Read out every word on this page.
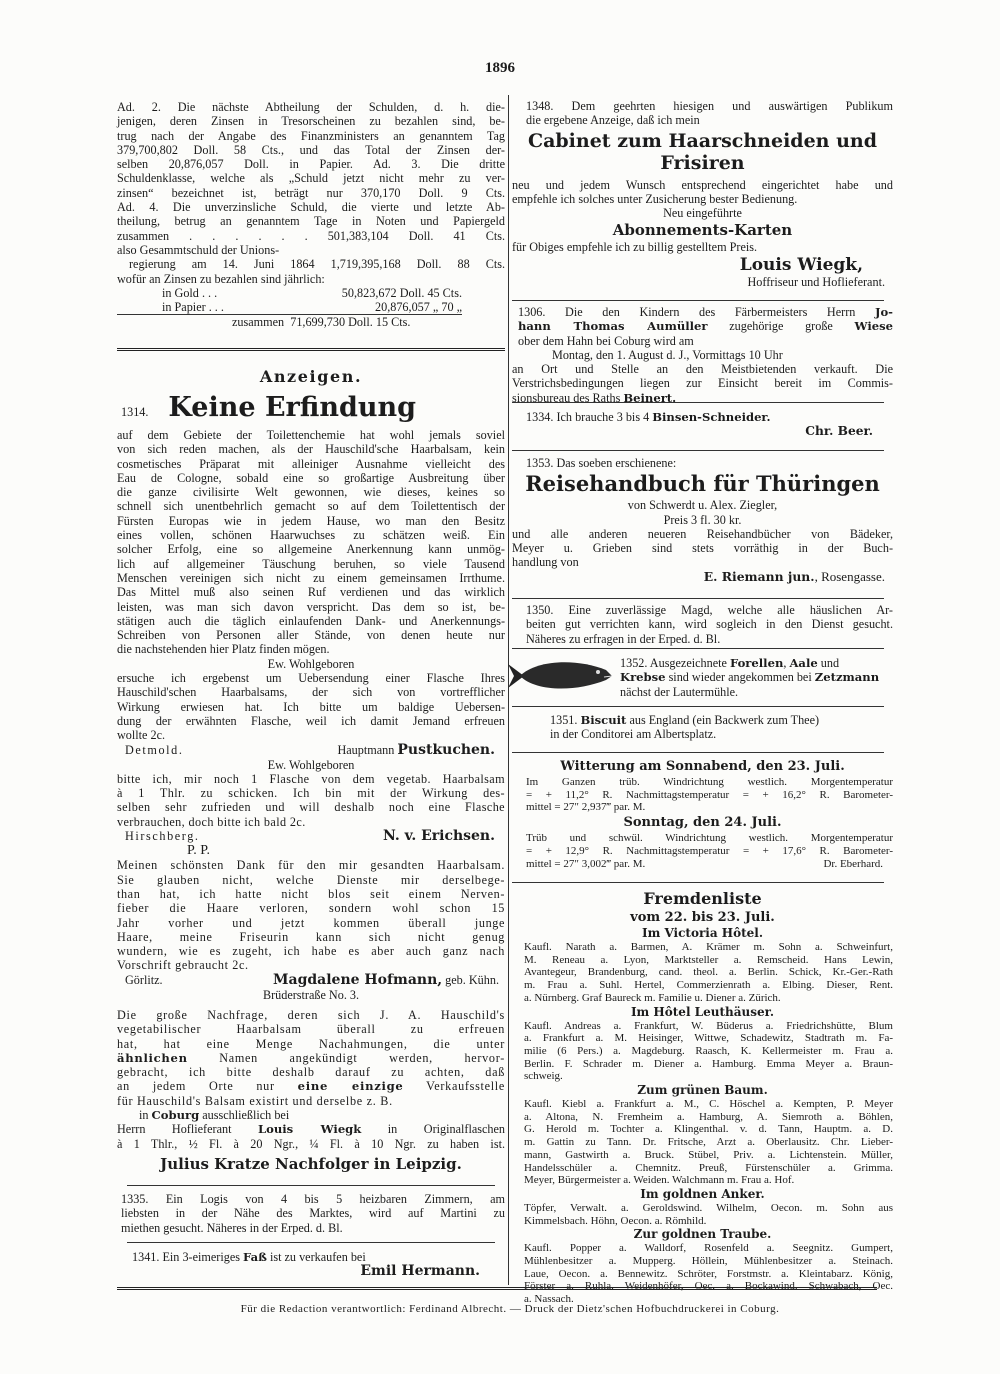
1896
Ad. 2. Die nächste Abtheilung der Schulden, d. h. die-
jenigen, deren Zinsen in Tresorscheinen zu bezahlen sind, be-
trug nach der Angabe des Finanzministers an genanntem Tag
379,700,802 Doll. 58 Cts., und das Total der Zinsen der-
selben 20,876,057 Doll. in Papier. Ad. 3. Die dritte
Schuldenklasse, welche als „Schuld jetzt nicht mehr zu ver-
zinsen“ bezeichnet ist, beträgt nur 370,170 Doll. 9 Cts.
Ad. 4. Die unverzinsliche Schuld, die vierte und letzte Ab-
theilung, betrug an genanntem Tage in Noten und Papiergeld
zusammen . . . . . . 501,383,104 Doll. 41 Cts.
also Gesammtschuld der Unions-
regierung am 14. Juni 1864 1,719,395,168 Doll. 88 Cts.
wofür an Zinsen zu bezahlen sind jährlich:
in Gold . . .	50,823,672 Doll. 45 Cts.
in Papier . . .	20,876,057 „ 70 „
zusammen 71,699,730 Doll. 15 Cts.
Anzeigen.
1314. Keine Erfindung
auf dem Gebiete der Toilettenchemie hat wohl jemals soviel
von sich reden machen, als der Hauschild'sche Haarbalsam, kein
cosmetisches Präparat mit alleiniger Ausnahme vielleicht des
Eau de Cologne, sobald eine so großartige Ausbreitung über
die ganze civilisirte Welt gewonnen, wie dieses, keines so
schnell sich unentbehrlich gemacht so auf dem Toilettentisch der
Fürsten Europas wie in jedem Hause, wo man den Besitz
eines vollen, schönen Haarwuchses zu schätzen weiß. Ein
solcher Erfolg, eine so allgemeine Anerkennung kann unmög-
lich auf allgemeiner Täuschung beruhen, so viele Tausend
Menschen vereinigen sich nicht zu einem gemeinsamen Irrthume.
Das Mittel muß also seinen Ruf verdienen und das wirklich
leisten, was man sich davon verspricht. Das dem so ist, be-
stätigen auch die täglich einlaufenden Dank- und Anerkennungs-
Schreiben von Personen aller Stände, von denen heute nur
die nachstehenden hier Platz finden mögen.
Ew. Wohlgeboren
ersuche ich ergebenst um Uebersendung einer Flasche Ihres
Hauschild'schen Haarbalsams, der sich von vortrefflicher
Wirkung erwiesen hat. Ich bitte um baldige Uebersen-
dung der erwähnten Flasche, weil ich damit Jemand erfreuen
wollte 2c.
Detmold.	Hauptmann Pustkuchen.
Ew. Wohlgeboren
bitte ich, mir noch 1 Flasche von dem vegetab. Haarbalsam
à 1 Thlr. zu schicken. Ich bin mit der Wirkung des-
selben sehr zufrieden und will deshalb noch eine Flasche
verbrauchen, doch bitte ich bald 2c.
Hirschberg.	N. v. Erichsen.
P. P.
Meinen schönsten Dank für den mir gesandten Haarbalsam.
Sie glauben nicht, welche Dienste mir derselbege-
than hat, ich hatte nicht blos seit einem Nerven-
fieber die Haare verloren, sondern wohl schon 15
Jahr vorher und jetzt kommen überall junge
Haare, meine Friseurin kann sich nicht genug
wundern, wie es zugeht, ich habe es aber auch ganz nach
Vorschrift gebraucht 2c.
Görlitz.	Magdalene Hofmann, geb. Kühn.
Brüderstraße No. 3.
Die große Nachfrage, deren sich J. A. Hauschild's
vegetabilischer Haarbalsam überall zu erfreuen
hat, hat eine Menge Nachahmungen, die unter
ähnlichen Namen angekündigt werden, hervor-
gebracht, ich bitte deshalb darauf zu achten, daß
an jedem Orte nur eine einzige Verkaufsstelle
für Hauschild's Balsam existirt und derselbe z. B.
in Coburg ausschließlich bei
Herrn Hoflieferant Louis Wiegk in Originalflaschen
à 1 Thlr., ½ Fl. à 20 Ngr., ¼ Fl. à 10 Ngr. zu haben ist.
Julius Kratze Nachfolger in Leipzig.
1335. Ein Logis von 4 bis 5 heizbaren Zimmern, am
liebsten in der Nähe des Marktes, wird auf Martini zu
miethen gesucht. Näheres in der Erped. d. Bl.
1341. Ein 3-eimeriges Faß ist zu verkaufen bei
Emil Hermann.
1348. Dem geehrten hiesigen und auswärtigen Publikum
die ergebene Anzeige, daß ich mein
Cabinet zum Haarschneiden und
Frisiren
neu und jedem Wunsch entsprechend eingerichtet habe und
empfehle ich solches unter Zusicherung bester Bedienung.
Neu eingeführte
Abonnements-Karten
für Obiges empfehle ich zu billig gestelltem Preis.
Louis Wiegk,
Hoffriseur und Hoflieferant.
1306. Die den Kindern des Färbermeisters Herrn Jo-
hann Thomas Aumüller zugehörige große Wiese
ober dem Hahn bei Coburg wird am
Montag, den 1. August d. J., Vormittags 10 Uhr
an Ort und Stelle an den Meistbietenden verkauft. Die
Verstrichsbedingungen liegen zur Einsicht bereit im Commis-
sionsbureau des Raths Beinert.
1334. Ich brauche 3 bis 4 Binsen-Schneider.
Chr. Beer.
1353. Das soeben erschienene:
Reisehandbuch für Thüringen
von Schwerdt u. Alex. Ziegler,
Preis 3 fl. 30 kr.
und alle anderen neueren Reisehandbücher von Bädeker,
Meyer u. Grieben sind stets vorräthig in der Buch-
handlung von
E. Riemann jun., Rosengasse.
1350. Eine zuverlässige Magd, welche alle häuslichen Ar-
beiten gut verrichten kann, wird sogleich in den Dienst gesucht.
Näheres zu erfragen in der Erped. d. Bl.
1352. Ausgezeichnete Forellen, Aale und
Krebse sind wieder angekommen bei Zetzmann
nächst der Lautermühle.
1351. Biscuit aus England (ein Backwerk zum Thee)
in der Conditorei am Albertsplatz.
Witterung am Sonnabend, den 23. Juli.
Im Ganzen trüb. Windrichtung westlich. Morgentemperatur
= + 11,2° R. Nachmittagstemperatur = + 16,2° R. Barometer-
mittel = 27″ 2,937‴ par. M.
Sonntag, den 24. Juli.
Trüb und schwül. Windrichtung westlich. Morgentemperatur
= + 12,9° R. Nachmittagstemperatur = + 17,6° R. Barometer-
mittel = 27″ 3,002‴ par. M.	Dr. Eberhard.
Fremdenliste
vom 22. bis 23. Juli.
Im Victoria Hôtel.
Kaufl. Narath a. Barmen, A. Krämer m. Sohn a. Schweinfurt,
M. Reneau a. Lyon, Marktsteller a. Remscheid. Hans Lewin,
Avantegeur, Brandenburg, cand. theol. a. Berlin. Schick, Kr.-Ger.-Rath
m. Frau a. Suhl. Hertel, Commerzienrath a. Elbing. Dieser, Rent.
a. Nürnberg. Graf Baureck m. Familie u. Diener a. Zürich.
Im Hôtel Leuthäuser.
Kaufl. Andreas a. Frankfurt, W. Büderus a. Friedrichshütte, Blum
a. Frankfurt a. M. Heisinger, Wittwe, Schadewitz, Stadtrath m. Fa-
milie (6 Pers.) a. Magdeburg. Raasch, K. Kellermeister m. Frau a.
Berlin. F. Schrader m. Diener a. Hamburg. Emma Meyer a. Braun-
schweig.
Zum grünen Baum.
Kaufl. Kiebl a. Frankfurt a. M., C. Höschel a. Kempten, P. Meyer
a. Altona, N. Fremheim a. Hamburg, A. Siemroth a. Böhlen,
G. Herold m. Tochter a. Klingenthal. v. d. Tann, Hauptm. a. D.
m. Gattin zu Tann. Dr. Fritsche, Arzt a. Oberlausitz. Chr. Lieber-
mann, Gastwirth a. Bruck. Stübel, Priv. a. Lichtenstein. Müller,
Handelsschüler a. Chemnitz. Preuß, Fürstenschüler a. Grimma.
Meyer, Bürgermeister a. Weiden. Walchmann m. Frau a. Hof.
Im goldnen Anker.
Töpfer, Verwalt. a. Geroldswind. Wilhelm, Oecon. m. Sohn aus
Kimmelsbach. Höhn, Oecon. a. Römhild.
Zur goldnen Traube.
Kaufl. Popper a. Walldorf, Rosenfeld a. Seegnitz. Gumpert,
Mühlenbesitzer a. Mupperg. Höllein, Mühlenbesitzer a. Steinach.
Laue, Oecon. a. Bennewitz. Schröter, Forstmstr. a. Kleintabarz. König,
Förster a. Ruhla. Weidenhöfer, Oec. a. Bockawind. Schwabach, Oec.
a. Nassach.
Für die Redaction verantwortlich: Ferdinand Albrecht. — Druck der Dietz'schen Hofbuchdruckerei in Coburg.
